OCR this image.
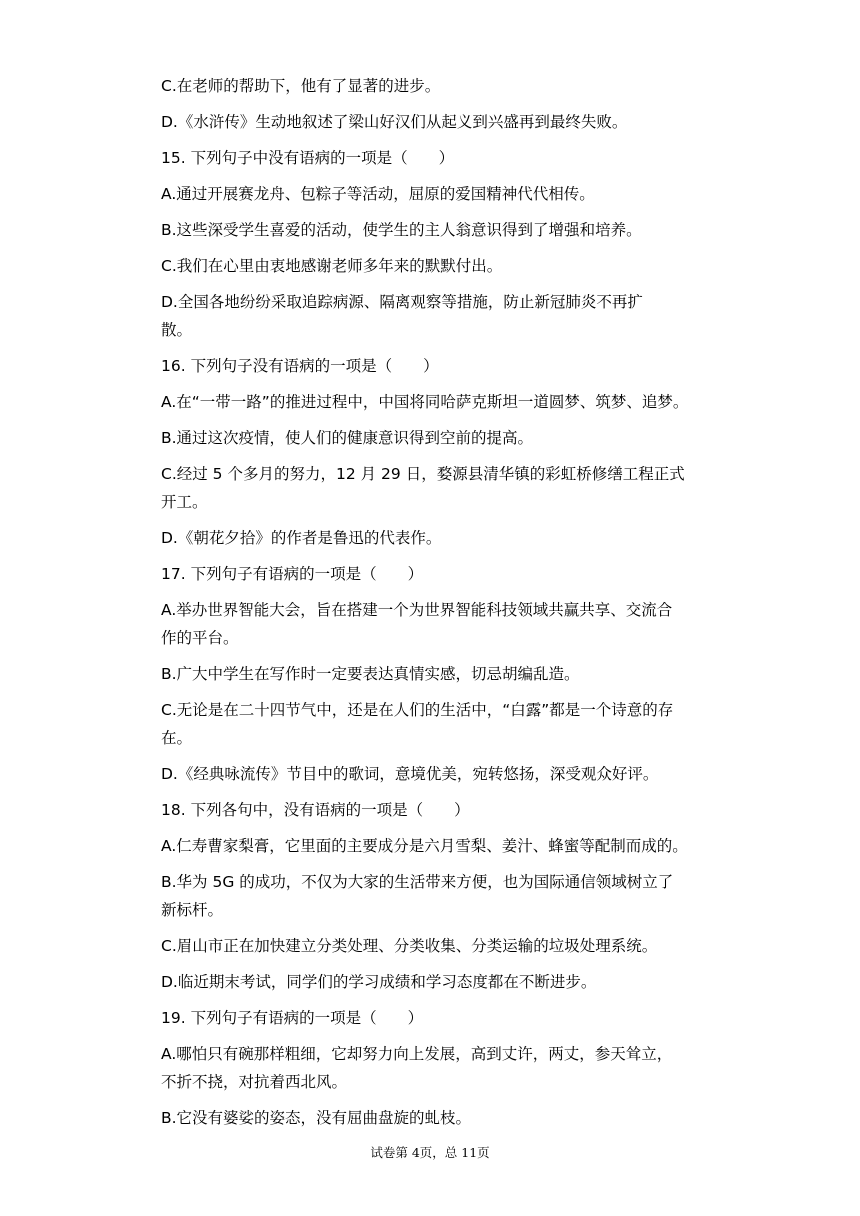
C.在老师的帮助下，他有了显著的进步。

D.《水浒传》生动地叙述了梁山好汉们从起义到兴盛再到最终失败。

15. 下列句子中没有语病的一项是（　　）

A.通过开展赛龙舟、包粽子等活动，屈原的爱国精神代代相传。

B.这些深受学生喜爱的活动，使学生的主人翁意识得到了增强和培养。

C.我们在心里由衷地感谢老师多年来的默默付出。

D.全国各地纷纷采取追踪病源、隔离观察等措施，防止新冠肺炎不再扩

散。

16. 下列句子没有语病的一项是（　　）

A.在“一带一路”的推进过程中，中国将同哈萨克斯坦一道圆梦、筑梦、追梦。

B.通过这次疫情，使人们的健康意识得到空前的提高。

C.经过 5 个多月的努力，12 月 29 日，婺源县清华镇的彩虹桥修缮工程正式

开工。

D.《朝花夕拾》的作者是鲁迅的代表作。

17. 下列句子有语病的一项是（　　）

A.举办世界智能大会，旨在搭建一个为世界智能科技领域共赢共享、交流合

作的平台。

B.广大中学生在写作时一定要表达真情实感，切忌胡编乱造。

C.无论是在二十四节气中，还是在人们的生活中，“白露”都是一个诗意的存

在。

D.《经典咏流传》节目中的歌词，意境优美，宛转悠扬，深受观众好评。

18. 下列各句中，没有语病的一项是（　　）

A.仁寿曹家梨膏，它里面的主要成分是六月雪梨、姜汁、蜂蜜等配制而成的。

B.华为 5G 的成功，不仅为大家的生活带来方便，也为国际通信领域树立了

新标杆。

C.眉山市正在加快建立分类处理、分类收集、分类运输的垃圾处理系统。

D.临近期末考试，同学们的学习成绩和学习态度都在不断进步。

19. 下列句子有语病的一项是（　　）

A.哪怕只有碗那样粗细，它却努力向上发展，高到丈许，两丈，参天耸立，

不折不挠，对抗着西北风。

B.它没有婆娑的姿态，没有屈曲盘旋的虬枝。

试卷第 4页，总 11页
